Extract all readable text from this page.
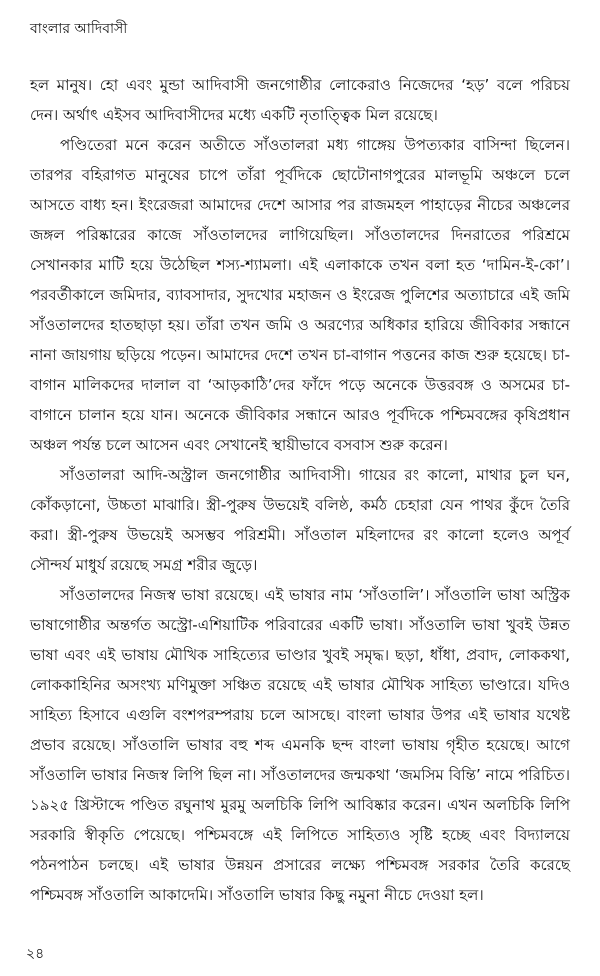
বাংলার আদিবাসী

হল মানুষ। হো এবং মুন্ডা আদিবাসী জনগোষ্ঠীর লোকেরাও নিজেদের ‘হড়’ বলে পরিচয় দেন। অর্থাৎ এইসব আদিবাসীদের মধ্যে একটি নৃতাত্ত্বিক মিল রয়েছে।

পণ্ডিতেরা মনে করেন অতীতে সাঁওতালরা মধ্য গাঙ্গেয় উপত্যকার বাসিন্দা ছিলেন। তারপর বহিরাগত মানুষের চাপে তাঁরা পূর্বদিকে ছোটোনাগপুরের মালভূমি অঞ্চলে চলে আসতে বাধ্য হন। ইংরেজরা আমাদের দেশে আসার পর রাজমহল পাহাড়ের নীচের অঞ্চলের জঙ্গল পরিষ্কারের কাজে সাঁওতালদের লাগিয়েছিল। সাঁওতালদের দিনরাতের পরিশ্রমে সেখানকার মাটি হয়ে উঠেছিল শস্য-শ্যামলা। এই এলাকাকে তখন বলা হত ‘দামিন-ই-কো’। পরবর্তীকালে জমিদার, ব্যাবসাদার, সুদখোর মহাজন ও ইংরেজ পুলিশের অত্যাচারে এই জমি সাঁওতালদের হাতছাড়া হয়। তাঁরা তখন জমি ও অরণ্যের অধিকার হারিয়ে জীবিকার সন্ধানে নানা জায়গায় ছড়িয়ে পড়েন। আমাদের দেশে তখন চা-বাগান পত্তনের কাজ শুরু হয়েছে। চা-বাগান মালিকদের দালাল বা ‘আড়কাঠি’দের ফাঁদে পড়ে অনেকে উত্তরবঙ্গ ও অসমের চা-বাগানে চালান হয়ে যান। অনেকে জীবিকার সন্ধানে আরও পূর্বদিকে পশ্চিমবঙ্গের কৃষিপ্রধান অঞ্চল পর্যন্ত চলে আসেন এবং সেখানেই স্থায়ীভাবে বসবাস শুরু করেন।

সাঁওতালরা আদি-অস্ট্রাল জনগোষ্ঠীর আদিবাসী। গায়ের রং কালো, মাথার চুল ঘন, কোঁকড়ানো, উচ্চতা মাঝারি। স্ত্রী-পুরুষ উভয়েই বলিষ্ঠ, কর্মঠ চেহারা যেন পাথর কুঁদে তৈরি করা। স্ত্রী-পুরুষ উভয়েই অসম্ভব পরিশ্রমী। সাঁওতাল মহিলাদের রং কালো হলেও অপূর্ব সৌন্দর্য মাধুর্য রয়েছে সমগ্র শরীর জুড়ে।

সাঁওতালদের নিজস্ব ভাষা রয়েছে। এই ভাষার নাম ‘সাঁওতালি’। সাঁওতালি ভাষা অস্ট্রিক ভাষাগোষ্ঠীর অন্তর্গত অস্ট্রো-এশিয়াটিক পরিবারের একটি ভাষা। সাঁওতালি ভাষা খুবই উন্নত ভাষা এবং এই ভাষায় মৌখিক সাহিত্যের ভাণ্ডার খুবই সমৃদ্ধ। ছড়া, ধাঁধা, প্রবাদ, লোককথা, লোককাহিনির অসংখ্য মণিমুক্তা সঞ্চিত রয়েছে এই ভাষার মৌখিক সাহিত্য ভাণ্ডারে। যদিও সাহিত্য হিসাবে এগুলি বংশপরম্পরায় চলে আসছে। বাংলা ভাষার উপর এই ভাষার যথেষ্ট প্রভাব রয়েছে। সাঁওতালি ভাষার বহু শব্দ এমনকি ছন্দ বাংলা ভাষায় গৃহীত হয়েছে। আগে সাঁওতালি ভাষার নিজস্ব লিপি ছিল না। সাঁওতালদের জন্মকথা ‘জমসিম বিন্তি’ নামে পরিচিত। ১৯২৫ খ্রিস্টাব্দে পণ্ডিত রঘুনাথ মুরমু অলচিকি লিপি আবিষ্কার করেন। এখন অলচিকি লিপি সরকারি স্বীকৃতি পেয়েছে। পশ্চিমবঙ্গে এই লিপিতে সাহিত্যও সৃষ্টি হচ্ছে এবং বিদ্যালয়ে পঠনপাঠন চলছে। এই ভাষার উন্নয়ন প্রসারের লক্ষ্যে পশ্চিমবঙ্গ সরকার তৈরি করেছে পশ্চিমবঙ্গ সাঁওতালি আকাদেমি। সাঁওতালি ভাষার কিছু নমুনা নীচে দেওয়া হল।

২৪
